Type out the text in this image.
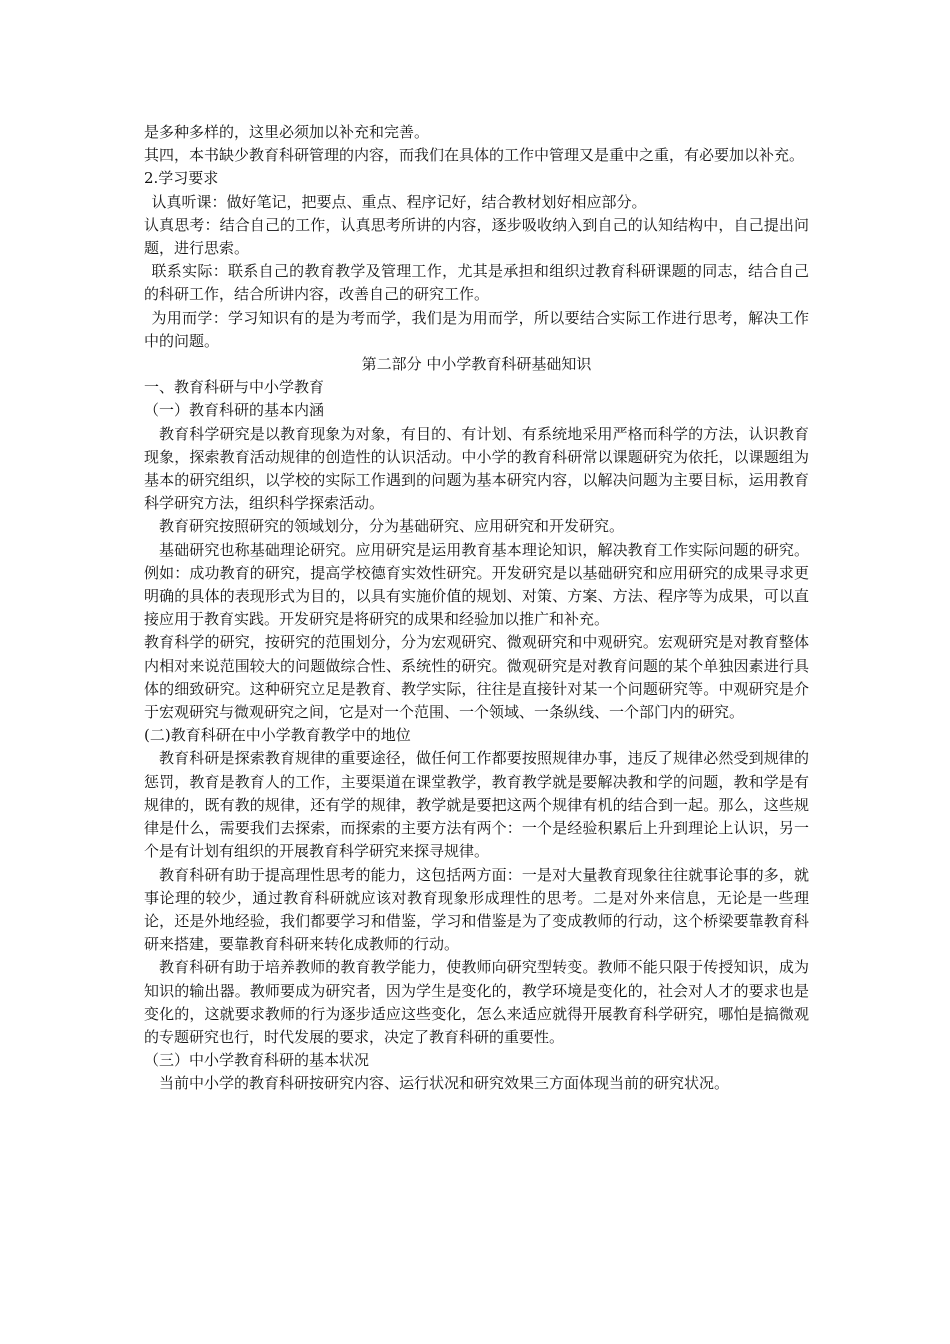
是多种多样的，这里必须加以补充和完善。

其四，本书缺少教育科研管理的内容，而我们在具体的工作中管理又是重中之重，有必要加以补充。

2.学习要求

认真听课：做好笔记，把要点、重点、程序记好，结合教材划好相应部分。

认真思考：结合自己的工作，认真思考所讲的内容，逐步吸收纳入到自己的认知结构中，自己提出问题，进行思索。

联系实际：联系自己的教育教学及管理工作，尤其是承担和组织过教育科研课题的同志，结合自己的科研工作，结合所讲内容，改善自己的研究工作。

为用而学：学习知识有的是为考而学，我们是为用而学，所以要结合实际工作进行思考，解决工作中的问题。

第二部分 中小学教育科研基础知识

一、教育科研与中小学教育

（一）教育科研的基本内涵

教育科学研究是以教育现象为对象，有目的、有计划、有系统地采用严格而科学的方法，认识教育现象，探索教育活动规律的创造性的认识活动。中小学的教育科研常以课题研究为依托，以课题组为基本的研究组织，以学校的实际工作遇到的问题为基本研究内容，以解决问题为主要目标，运用教育科学研究方法，组织科学探索活动。

教育研究按照研究的领域划分，分为基础研究、应用研究和开发研究。

基础研究也称基础理论研究。应用研究是运用教育基本理论知识，解决教育工作实际问题的研究。例如：成功教育的研究，提高学校德育实效性研究。开发研究是以基础研究和应用研究的成果寻求更明确的具体的表现形式为目的，以具有实施价值的规划、对策、方案、方法、程序等为成果，可以直接应用于教育实践。开发研究是将研究的成果和经验加以推广和补充。

教育科学的研究，按研究的范围划分，分为宏观研究、微观研究和中观研究。宏观研究是对教育整体内相对来说范围较大的问题做综合性、系统性的研究。微观研究是对教育问题的某个单独因素进行具体的细致研究。这种研究立足是教育、教学实际，往往是直接针对某一个问题研究等。中观研究是介于宏观研究与微观研究之间，它是对一个范围、一个领域、一条纵线、一个部门内的研究。

(二)教育科研在中小学教育教学中的地位

教育科研是探索教育规律的重要途径，做任何工作都要按照规律办事，违反了规律必然受到规律的惩罚，教育是教育人的工作，主要渠道在课堂教学，教育教学就是要解决教和学的问题，教和学是有规律的，既有教的规律，还有学的规律，教学就是要把这两个规律有机的结合到一起。那么，这些规律是什么，需要我们去探索，而探索的主要方法有两个：一个是经验积累后上升到理论上认识，另一个是有计划有组织的开展教育科学研究来探寻规律。

教育科研有助于提高理性思考的能力，这包括两方面：一是对大量教育现象往往就事论事的多，就事论理的较少，通过教育科研就应该对教育现象形成理性的思考。二是对外来信息，无论是一些理论，还是外地经验，我们都要学习和借鉴，学习和借鉴是为了变成教师的行动，这个桥梁要靠教育科研来搭建，要靠教育科研来转化成教师的行动。

教育科研有助于培养教师的教育教学能力，使教师向研究型转变。教师不能只限于传授知识，成为知识的输出器。教师要成为研究者，因为学生是变化的，教学环境是变化的，社会对人才的要求也是变化的，这就要求教师的行为逐步适应这些变化，怎么来适应就得开展教育科学研究，哪怕是搞微观的专题研究也行，时代发展的要求，决定了教育科研的重要性。

（三）中小学教育科研的基本状况

当前中小学的教育科研按研究内容、运行状况和研究效果三方面体现当前的研究状况。
